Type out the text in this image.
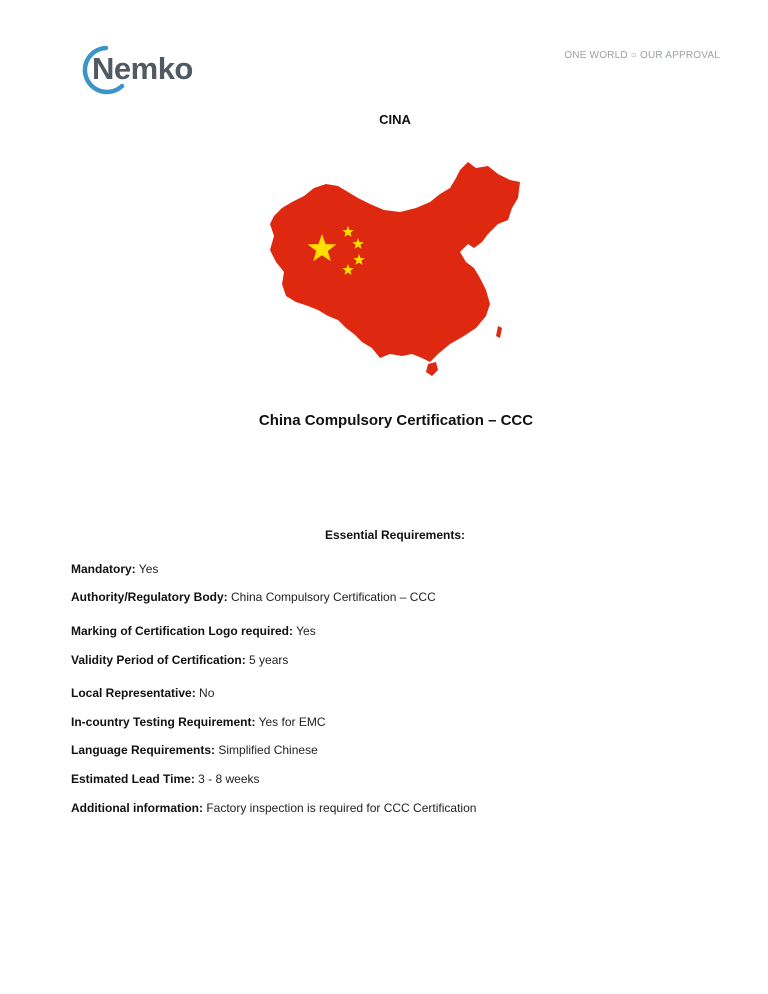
Nemko	ONE WORLD ○ OUR APPROVAL
CINA
China Compulsory Certification – CCC
Essential Requirements:
Mandatory: Yes
Authority/Regulatory Body: China Compulsory Certification – CCC
Marking of Certification Logo required: Yes
Validity Period of Certification: 5 years
Local Representative: No
In-country Testing Requirement: Yes for EMC
Language Requirements: Simplified Chinese
Estimated Lead Time: 3 - 8 weeks
Additional information: Factory inspection is required for CCC Certification
